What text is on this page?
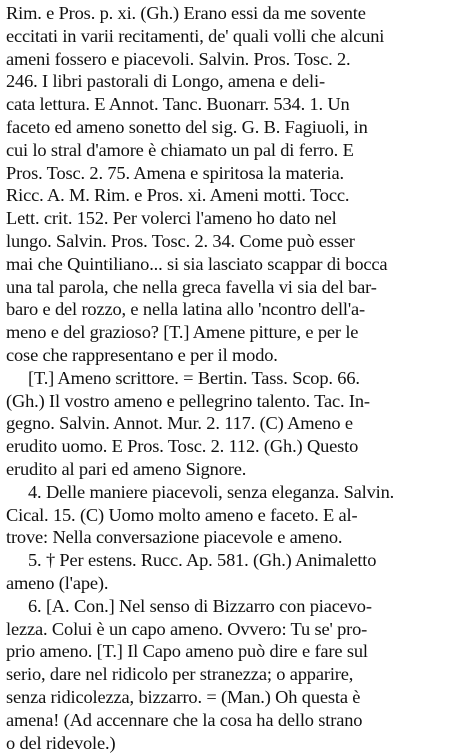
Rim. e Pros. p. xi. (Gh.) Erano essi da me sovente
eccitati in varii recitamenti, de' quali volli che alcuni
ameni fossero e piacevoli. Salvin. Pros. Tosc. 2.
246. I libri pastorali di Longo, amena e deli-
cata lettura. E Annot. Tanc. Buonarr. 534. 1. Un
faceto ed ameno sonetto del sig. G. B. Fagiuoli, in
cui lo stral d'amore è chiamato un pal di ferro. E
Pros. Tosc. 2. 75. Amena e spiritosa la materia.
Ricc. A. M. Rim. e Pros. xi. Ameni motti. Tocc.
Lett. crit. 152. Per volerci l'ameno ho dato nel
lungo. Salvin. Pros. Tosc. 2. 34. Come può esser
mai che Quintiliano... si sia lasciato scappar di bocca
una tal parola, che nella greca favella vi sia del bar-
baro e del rozzo, e nella latina allo 'ncontro dell'a-
meno e del grazioso? [T.] Amene pitture, e per le
cose che rappresentano e per il modo.
[T.] Ameno scrittore. = Bertin. Tass. Scop. 66.
(Gh.) Il vostro ameno e pellegrino talento. Tac. In-
gegno. Salvin. Annot. Mur. 2. 117. (C) Ameno e
erudito uomo. E Pros. Tosc. 2. 112. (Gh.) Questo
erudito al pari ed ameno Signore.
4. Delle maniere piacevoli, senza eleganza. Salvin.
Cical. 15. (C) Uomo molto ameno e faceto. E al-
trove: Nella conversazione piacevole e ameno.
5. † Per estens. Rucc. Ap. 581. (Gh.) Animaletto
ameno (l'ape).
6. [A. Con.] Nel senso di Bizzarro con piacevo-
lezza. Colui è un capo ameno. Ovvero: Tu se' pro-
prio ameno. [T.] Il Capo ameno può dire e fare sul
serio, dare nel ridicolo per stranezza; o apparire,
senza ridicolezza, bizzarro. = (Man.) Oh questa è
amena! (Ad accennare che la cosa ha dello strano
o del ridevole.)
